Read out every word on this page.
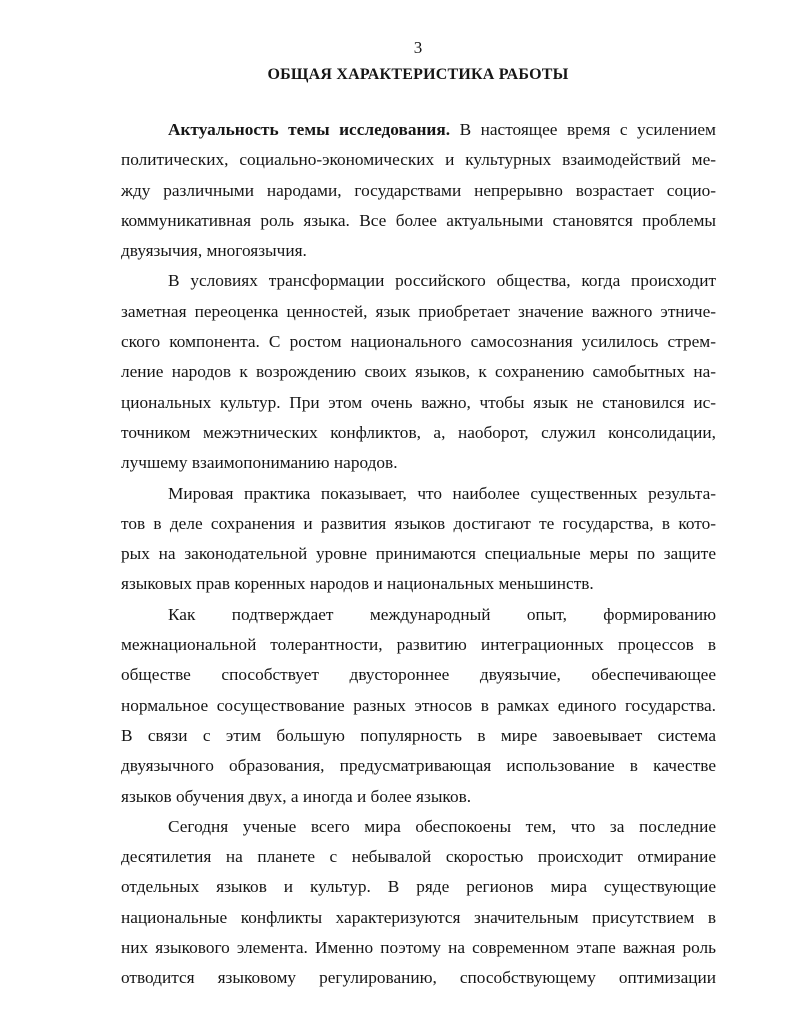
3
ОБЩАЯ ХАРАКТЕРИСТИКА РАБОТЫ
Актуальность темы исследования. В настоящее время с усилением
политических, социально-экономических и культурных взаимодействий ме-
жду различными народами, государствами непрерывно возрастает социо-
коммуникативная роль языка. Все более актуальными становятся проблемы
двуязычия, многоязычия.
В условиях трансформации российского общества, когда происходит
заметная переоценка ценностей, язык приобретает значение важного этниче-
ского компонента. С ростом национального самосознания усилилось стрем-
ление народов к возрождению своих языков, к сохранению самобытных на-
циональных культур. При этом очень важно, чтобы язык не становился ис-
точником межэтнических конфликтов, а, наоборот, служил консолидации,
лучшему взаимопониманию народов.
Мировая практика показывает, что наиболее существенных результа-
тов в деле сохранения и развития языков достигают те государства, в кото-
рых на законодательной уровне принимаются специальные меры по защите
языковых прав коренных народов и национальных меньшинств.
Как подтверждает международный опыт, формированию
межнациональной толерантности, развитию интеграционных процессов в
обществе способствует двустороннее двуязычие, обеспечивающее
нормальное сосуществование разных этносов в рамках единого государства.
В связи с этим большую популярность в мире завоевывает система
двуязычного образования, предусматривающая использование в качестве
языков обучения двух, а иногда и более языков.
Сегодня ученые всего мира обеспокоены тем, что за последние
десятилетия на планете с небывалой скоростью происходит отмирание
отдельных языков и культур. В ряде регионов мира существующие
национальные конфликты характеризуются значительным присутствием в
них языкового элемента. Именно поэтому на современном этапе важная роль
отводится языковому регулированию, способствующему оптимизации
